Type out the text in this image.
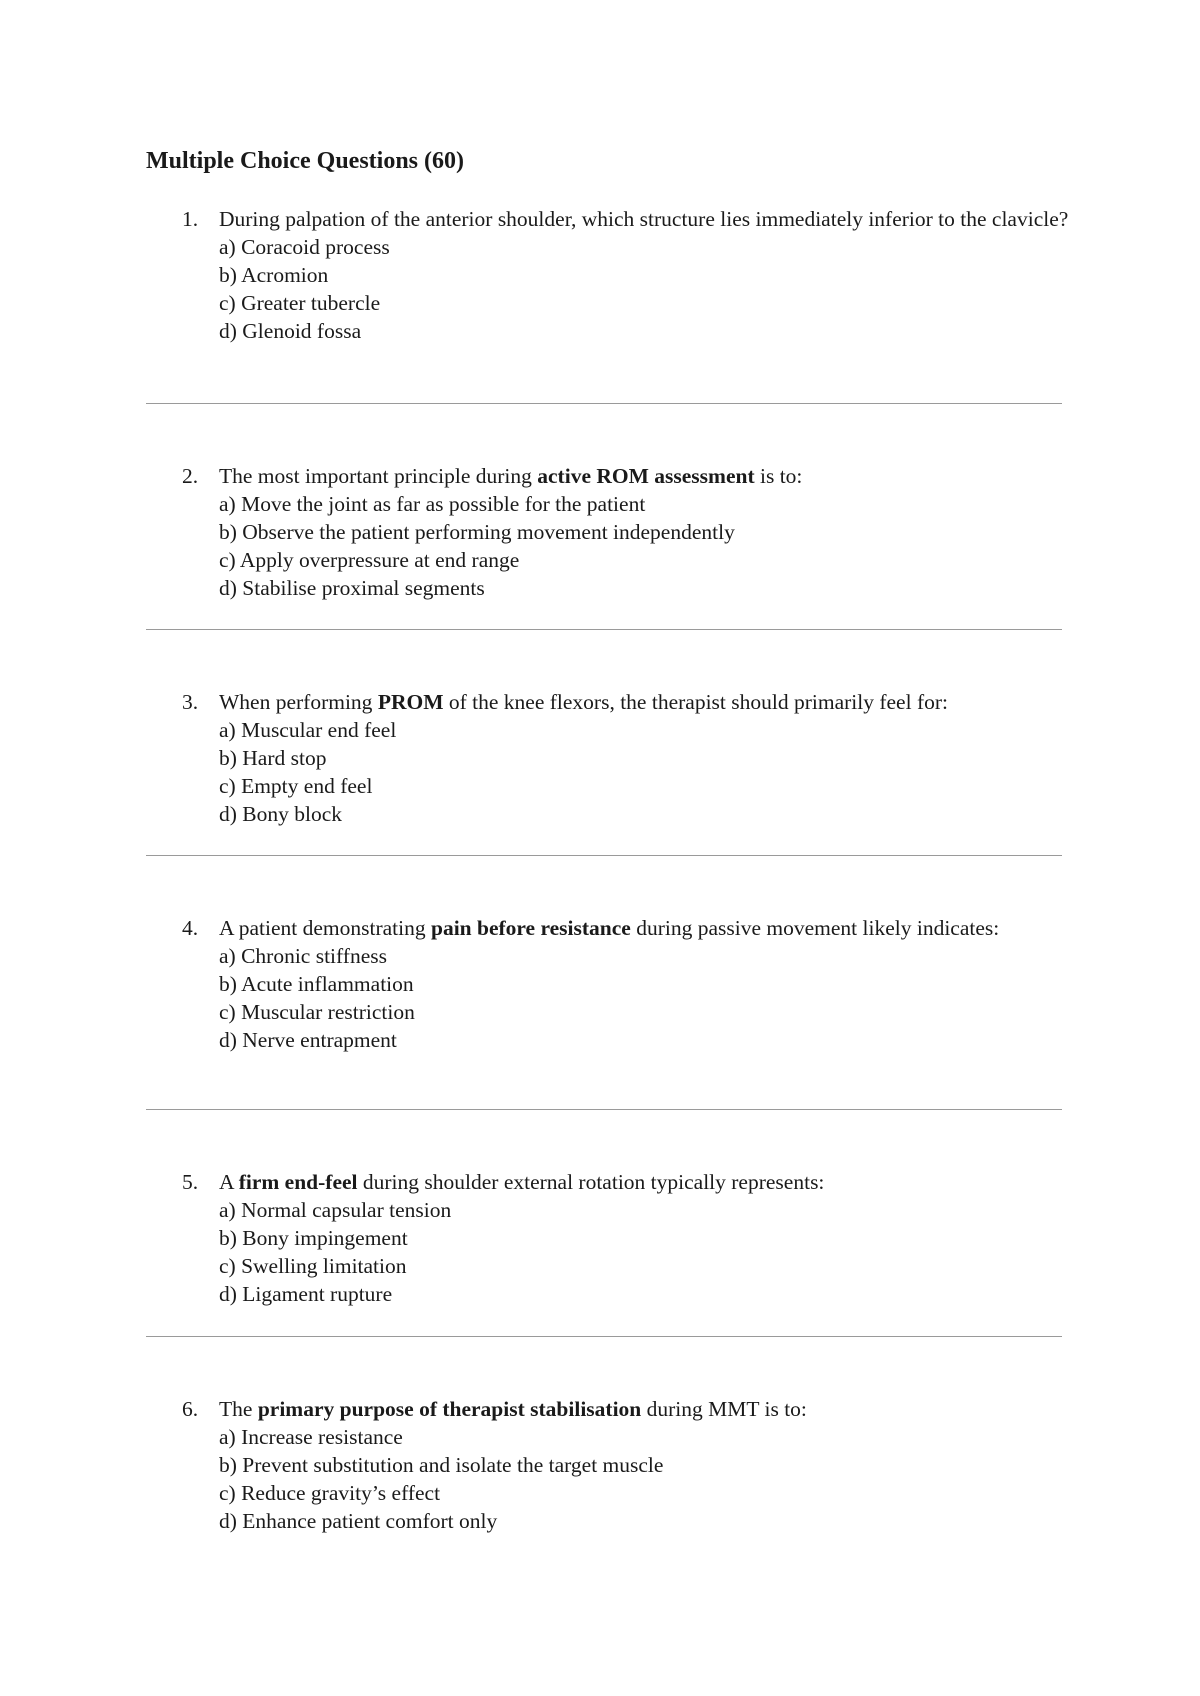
Multiple Choice Questions (60)
1. During palpation of the anterior shoulder, which structure lies immediately inferior to the clavicle?
a) Coracoid process
b) Acromion
c) Greater tubercle
d) Glenoid fossa
2. The most important principle during active ROM assessment is to:
a) Move the joint as far as possible for the patient
b) Observe the patient performing movement independently
c) Apply overpressure at end range
d) Stabilise proximal segments
3. When performing PROM of the knee flexors, the therapist should primarily feel for:
a) Muscular end feel
b) Hard stop
c) Empty end feel
d) Bony block
4. A patient demonstrating pain before resistance during passive movement likely indicates:
a) Chronic stiffness
b) Acute inflammation
c) Muscular restriction
d) Nerve entrapment
5. A firm end-feel during shoulder external rotation typically represents:
a) Normal capsular tension
b) Bony impingement
c) Swelling limitation
d) Ligament rupture
6. The primary purpose of therapist stabilisation during MMT is to:
a) Increase resistance
b) Prevent substitution and isolate the target muscle
c) Reduce gravity’s effect
d) Enhance patient comfort only
